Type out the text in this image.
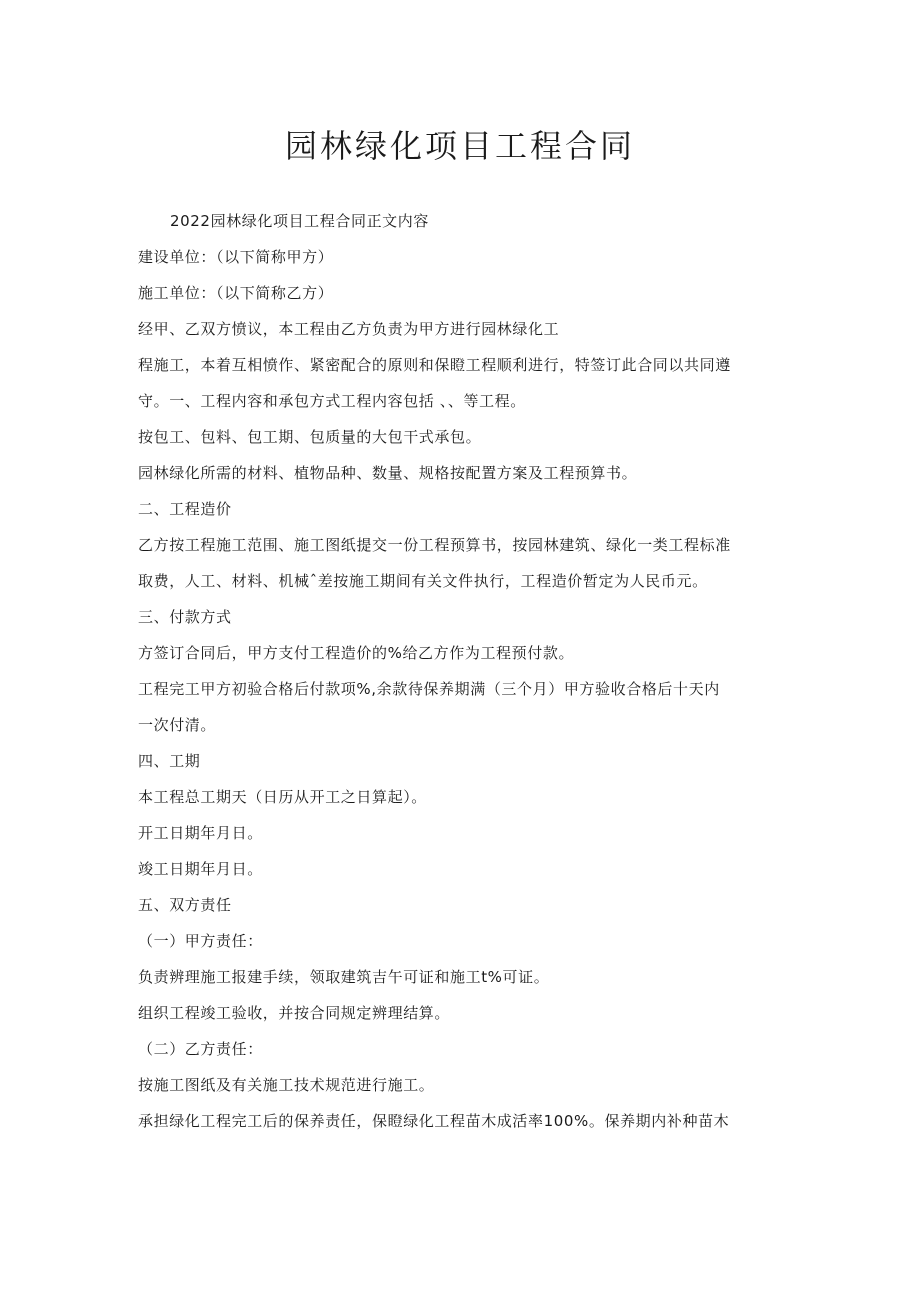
园林绿化项目工程合同
2022园林绿化项目工程合同正文内容
建设单位：（以下简称甲方）
施工单位：（以下简称乙方）
经甲、乙双方愤议，本工程由乙方负责为甲方进行园林绿化工
程施工，本着互相愤作、紧密配合的原则和保瞪工程顺利进行，特签订此合同以共同遵
守。一、工程内容和承包方式工程内容包括 、、等工程。
按包工、包料、包工期、包质量的大包干式承包。
园林绿化所需的材料、植物品种、数量、规格按配置方案及工程预算书。
二、工程造价
乙方按工程施工范围、施工图纸提交一份工程预算书，按园林建筑、绿化一类工程标准
取费，人工、材料、机械ˆ差按施工期间有关文件执行，工程造价暂定为人民币元。
三、付款方式
方签订合同后，甲方支付工程造价的%给乙方作为工程预付款。
工程完工甲方初验合格后付款项%,余款待保养期满（三个月）甲方验收合格后十天内
一次付清。
四、工期
本工程总工期天（日历从开工之日算起）。
开工日期年月日。
竣工日期年月日。
五、双方责任
（一）甲方责任：
负责辨理施工报建手续，领取建筑吉午可证和施工t%可证。
组织工程竣工验收，并按合同规定辨理结算。
（二）乙方责任：
按施工图纸及有关施工技术规范进行施工。
承担绿化工程完工后的保养责任，保瞪绿化工程苗木成活率100%。保养期内补种苗木
